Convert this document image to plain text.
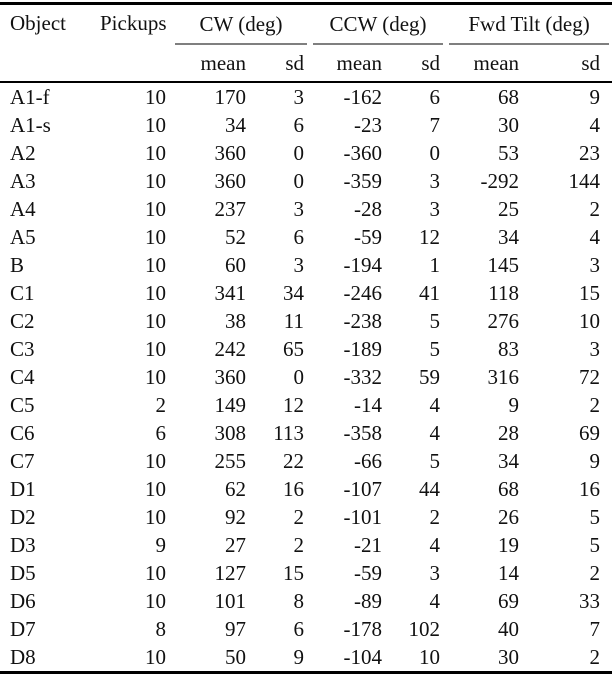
Object	Pickups	CW (deg)		CCW (deg)		Fwd Tilt (deg)	

		mean	sd	mean	sd	mean	sd
A1-f	10	170	3	-162	6	68	9
A1-s	10	34	6	-23	7	30	4
A2	10	360	0	-360	0	53	23
A3	10	360	0	-359	3	-292	144
A4	10	237	3	-28	3	25	2
A5	10	52	6	-59	12	34	4
B	10	60	3	-194	1	145	3
C1	10	341	34	-246	41	118	15
C2	10	38	11	-238	5	276	10
C3	10	242	65	-189	5	83	3
C4	10	360	0	-332	59	316	72
C5	2	149	12	-14	4	9	2
C6	6	308	113	-358	4	28	69
C7	10	255	22	-66	5	34	9
D1	10	62	16	-107	44	68	16
D2	10	92	2	-101	2	26	5
D3	9	27	2	-21	4	19	5
D5	10	127	15	-59	3	14	2
D6	10	101	8	-89	4	69	33
D7	8	97	6	-178	102	40	7
D8	10	50	9	-104	10	30	2
